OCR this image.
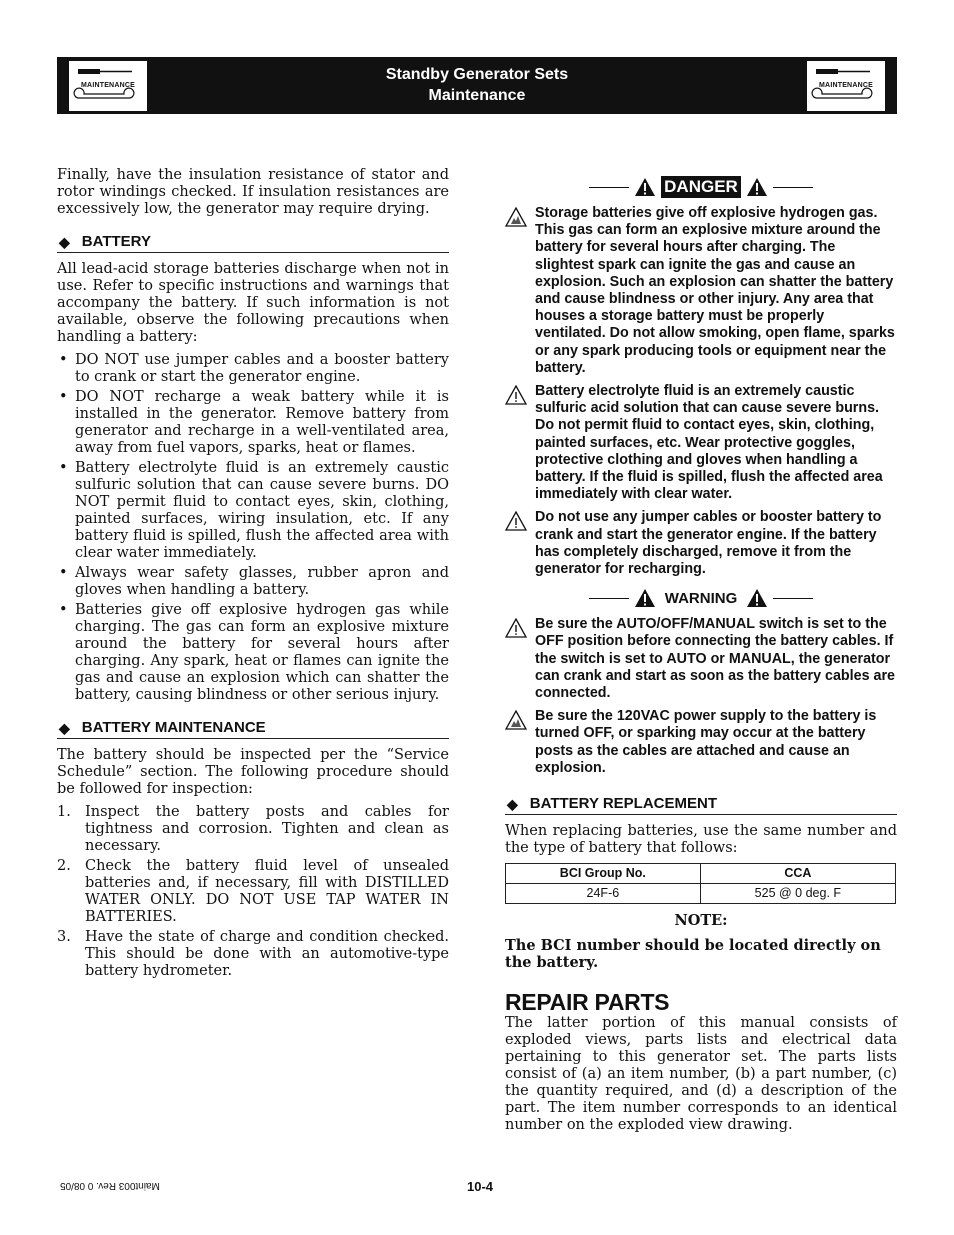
MAINTENANCE
Standby Generator Sets
Maintenance
MAINTENANCE

Finally, have the insulation resistance of stator and rotor windings checked. If insulation resistances are excessively low, the generator may require drying.

◆ BATTERY

All lead-acid storage batteries discharge when not in use. Refer to specific instructions and warnings that accompany the battery. If such information is not available, observe the following precautions when handling a battery:

• DO NOT use jumper cables and a booster battery to crank or start the generator engine.
• DO NOT recharge a weak battery while it is installed in the generator. Remove battery from generator and recharge in a well-ventilated area, away from fuel vapors, sparks, heat or flames.
• Battery electrolyte fluid is an extremely caustic sulfuric solution that can cause severe burns. DO NOT permit fluid to contact eyes, skin, clothing, painted surfaces, wiring insulation, etc. If any battery fluid is spilled, flush the affected area with clear water immediately.
• Always wear safety glasses, rubber apron and gloves when handling a battery.
• Batteries give off explosive hydrogen gas while charging. The gas can form an explosive mixture around the battery for several hours after charging. Any spark, heat or flames can ignite the gas and cause an explosion which can shatter the battery, causing blindness or other serious injury.
◆ BATTERY MAINTENANCE

The battery should be inspected per the “Service Schedule” section. The following procedure should be followed for inspection:

1. Inspect the battery posts and cables for tightness and corrosion. Tighten and clean as necessary.
2. Check the battery fluid level of unsealed batteries and, if necessary, fill with DISTILLED WATER ONLY. DO NOT USE TAP WATER IN BATTERIES.
3. Have the state of charge and condition checked. This should be done with an automotive-type battery hydrometer.
DANGER
Storage batteries give off explosive hydrogen gas. This gas can form an explosive mixture around the battery for several hours after charging. The slightest spark can ignite the gas and cause an explosion. Such an explosion can shatter the battery and cause blindness or other injury. Any area that houses a storage battery must be properly ventilated. Do not allow smoking, open flame, sparks or any spark producing tools or equipment near the battery.
Battery electrolyte fluid is an extremely caustic sulfuric acid solution that can cause severe burns. Do not permit fluid to contact eyes, skin, clothing, painted surfaces, etc. Wear protective goggles, protective clothing and gloves when handling a battery. If the fluid is spilled, flush the affected area immediately with clear water.
Do not use any jumper cables or booster battery to crank and start the generator engine. If the battery has completely discharged, remove it from the generator for recharging.
WARNING
Be sure the AUTO/OFF/MANUAL switch is set to the OFF position before connecting the battery cables. If the switch is set to AUTO or MANUAL, the generator can crank and start as soon as the battery cables are connected.
Be sure the 120VAC power supply to the battery is turned OFF, or sparking may occur at the battery posts as the cables are attached and cause an explosion.
◆ BATTERY REPLACEMENT

When replacing batteries, use the same number and the type of battery that follows:

BCI Group No.	CCA
24F-6	525 @ 0 deg. F
NOTE:
The BCI number should be located directly on the battery.
REPAIR PARTS

The latter portion of this manual consists of exploded views, parts lists and electrical data pertaining to this generator set. The parts lists consist of (a) an item number, (b) a part number, (c) the quantity required, and (d) a description of the part. The item number corresponds to an identical number on the exploded view drawing.

Maint003 Rev. 0 08/05	10-4
